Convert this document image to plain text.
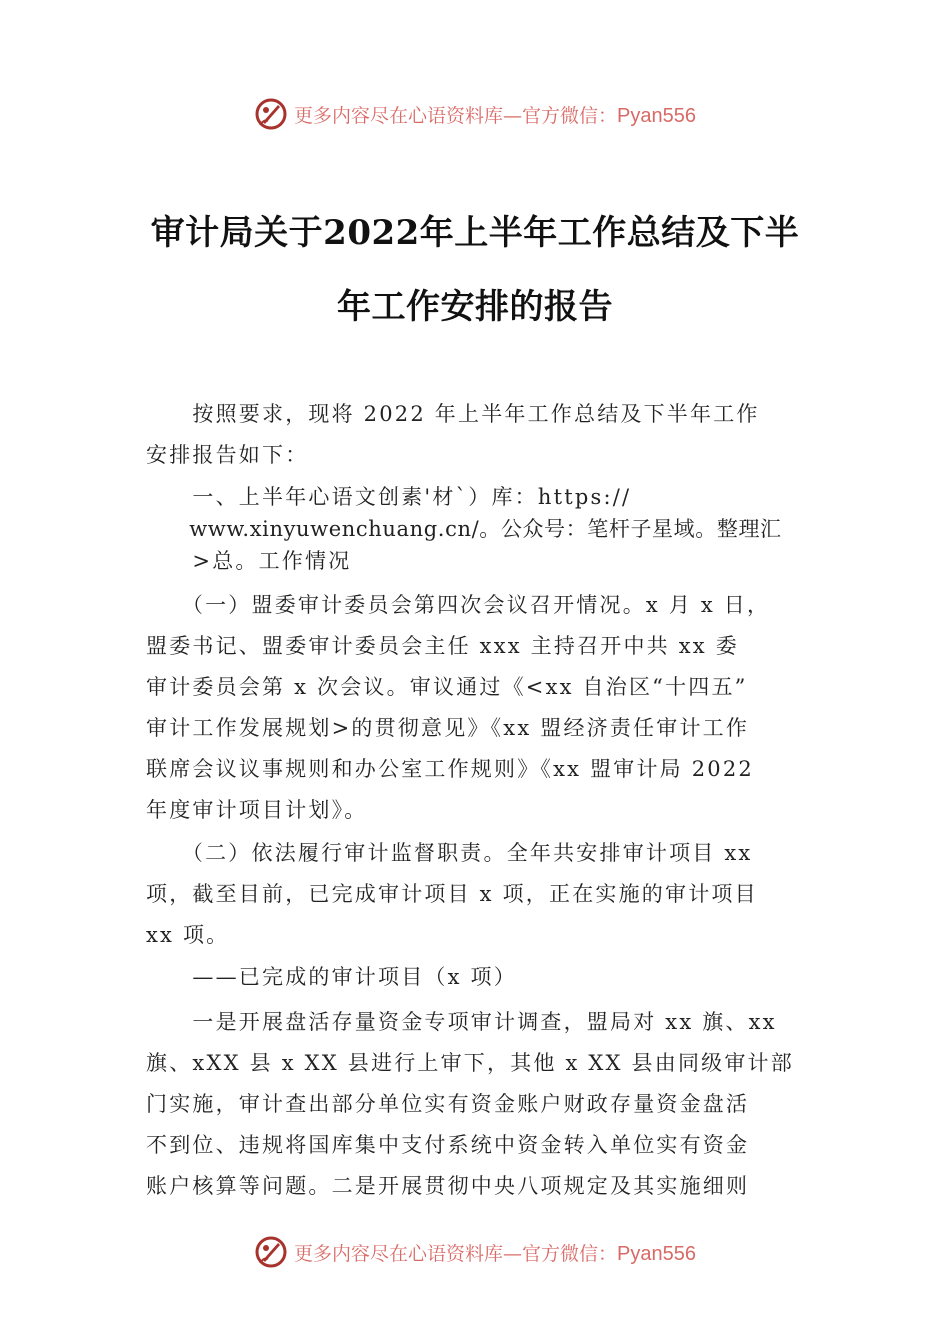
更多内容尽在心语资料库—官方微信：Pyan556
审计局关于2022年上半年工作总结及下半
年工作安排的报告
　　按照要求，现将 2022 年上半年工作总结及下半年工作
安排报告如下：
　　一、上半年心语文创素'材`）库：https://
　　www.xinyuwenchuang.cn/。公众号：笔杆子星域。整理汇
　　>总。工作情况
　　（一）盟委审计委员会第四次会议召开情况。x 月 x 日，
盟委书记、盟委审计委员会主任 xxx 主持召开中共 xx 委
审计委员会第 x 次会议。审议通过《<xx 自治区“十四五”
审计工作发展规划>的贯彻意见》《xx 盟经济责任审计工作
联席会议议事规则和办公室工作规则》《xx 盟审计局 2022
年度审计项目计划》。
　　（二）依法履行审计监督职责。全年共安排审计项目 xx
项，截至目前，已完成审计项目 x 项，正在实施的审计项目
xx 项。
　　——已完成的审计项目（x 项）
　　一是开展盘活存量资金专项审计调查，盟局对 xx 旗、xx
旗、xXX 县 x XX 县进行上审下，其他 x XX 县由同级审计部
门实施，审计查出部分单位实有资金账户财政存量资金盘活
不到位、违规将国库集中支付系统中资金转入单位实有资金
账户核算等问题。二是开展贯彻中央八项规定及其实施细则
更多内容尽在心语资料库—官方微信：Pyan556
